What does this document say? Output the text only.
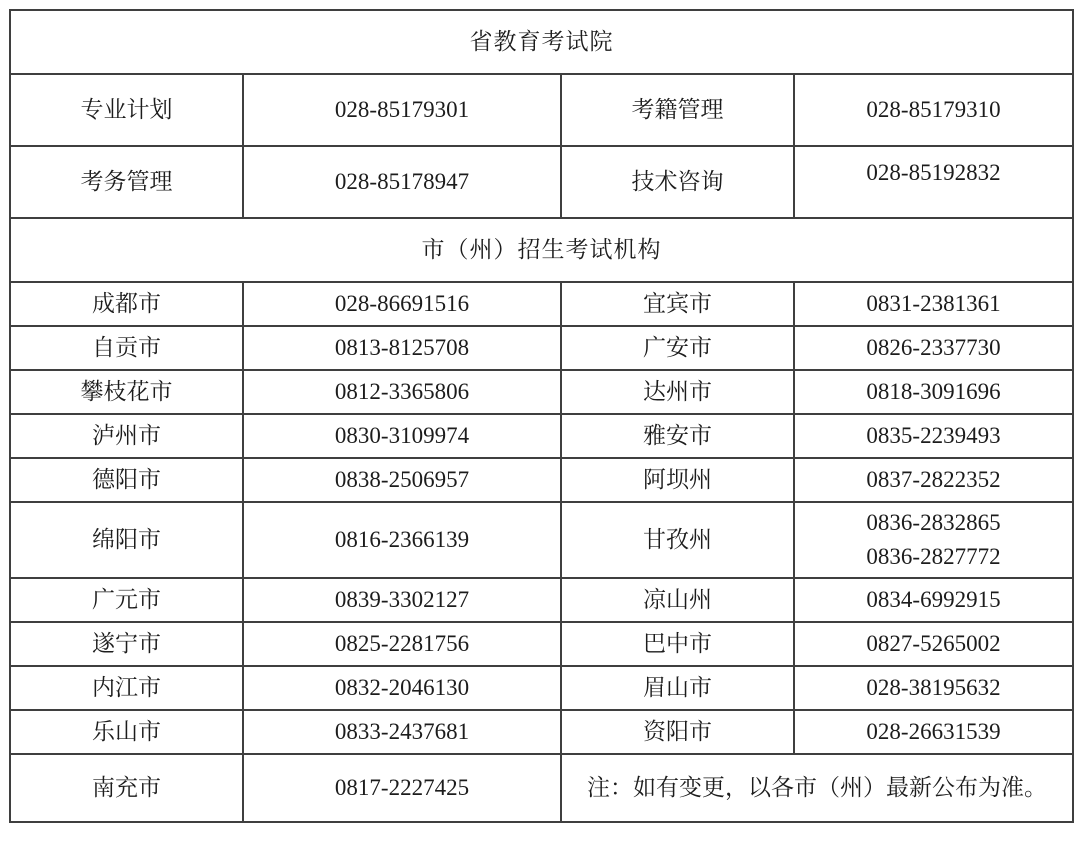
省教育考试院			
专业计划	028-85179301	考籍管理	028-85179310
考务管理	028-85178947	技术咨询	028-85192832
市（州）招生考试机构			
成都市	028-86691516	宜宾市	0831-2381361
自贡市	0813-8125708	广安市	0826-2337730
攀枝花市	0812-3365806	达州市	0818-3091696
泸州市	0830-3109974	雅安市	0835-2239493
德阳市	0838-2506957	阿坝州	0837-2822352
绵阳市	0816-2366139	甘孜州	0836-2832865
0836-2827772

广元市	0839-3302127	凉山州	0834-6992915
遂宁市	0825-2281756	巴中市	0827-5265002
内江市	0832-2046130	眉山市	028-38195632
乐山市	0833-2437681	资阳市	028-26631539
南充市	0817-2227425	注：如有变更，以各市（州）最新公布为准。	
